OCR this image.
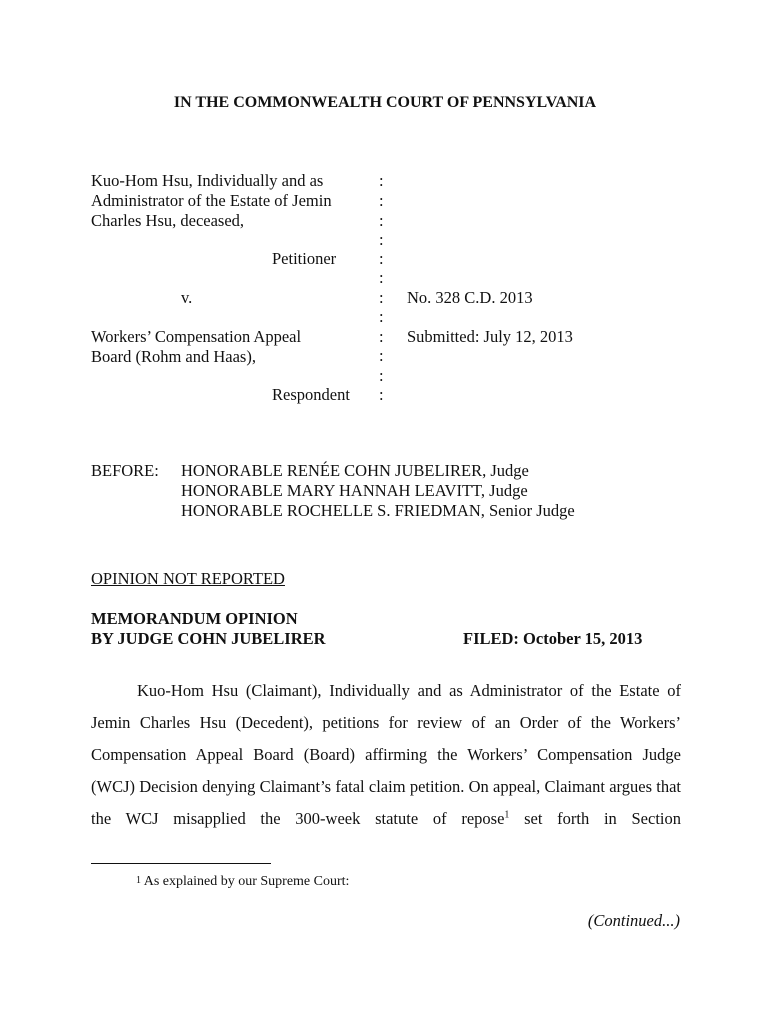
IN THE COMMONWEALTH COURT OF PENNSYLVANIA
Kuo-Hom Hsu, Individually and as
Administrator of the Estate of Jemin
Charles Hsu, deceased,
Petitioner
v.
Workers’ Compensation Appeal
Board (Rohm and Haas),
Respondent
:
:
:
:
:
:
:
:
:
:
:
:
No. 328 C.D. 2013
Submitted: July 12, 2013
BEFORE: HONORABLE RENÉE COHN JUBELIRER, Judge
HONORABLE MARY HANNAH LEAVITT, Judge
HONORABLE ROCHELLE S. FRIEDMAN, Senior Judge
OPINION NOT REPORTED
MEMORANDUM OPINION
BY JUDGE COHN JUBELIRER	FILED: October 15, 2013

Kuo-Hom Hsu (Claimant), Individually and as Administrator of the Estate of Jemin Charles Hsu (Decedent), petitions for review of an Order of the Workers’ Compensation Appeal Board (Board) affirming the Workers’ Compensation Judge (WCJ) Decision denying Claimant’s fatal claim petition. On appeal, Claimant argues that the WCJ misapplied the 300-week statute of repose$^1$ set forth in Section

$^1$ As explained by our Supreme Court:
(Continued...)
